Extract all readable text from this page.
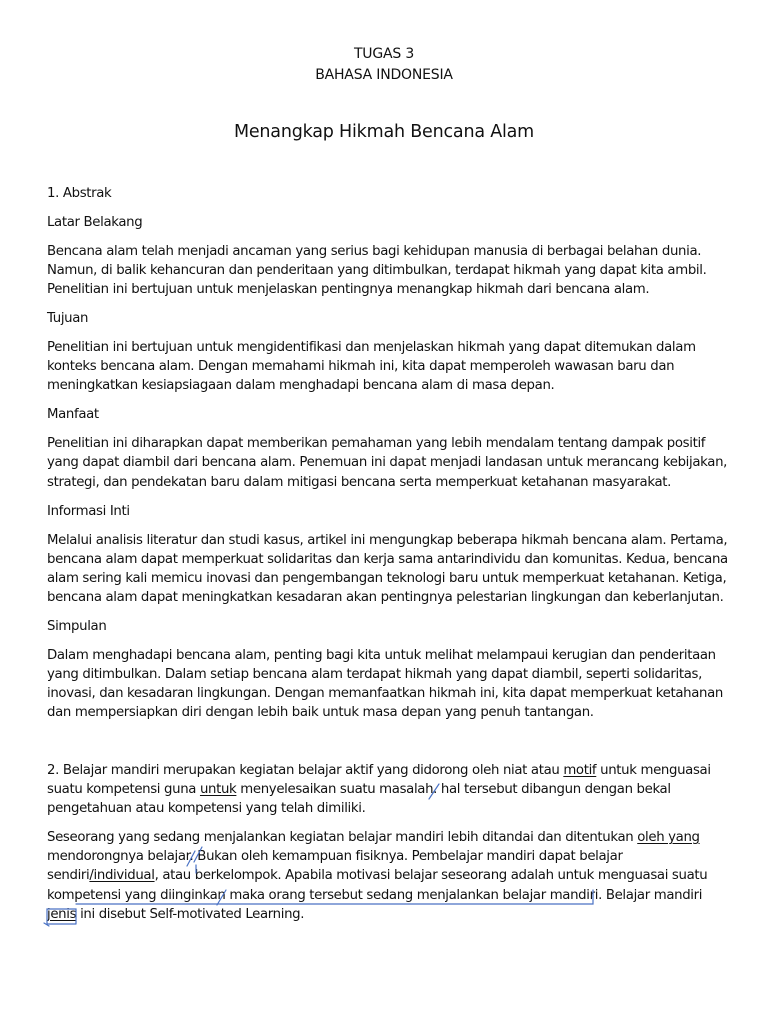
TUGAS 3
BAHASA INDONESIA
Menangkap Hikmah Bencana Alam
1. Abstrak
Latar Belakang
Bencana alam telah menjadi ancaman yang serius bagi kehidupan manusia di berbagai belahan dunia.
Namun, di balik kehancuran dan penderitaan yang ditimbulkan, terdapat hikmah yang dapat kita ambil.
Penelitian ini bertujuan untuk menjelaskan pentingnya menangkap hikmah dari bencana alam.
Tujuan
Penelitian ini bertujuan untuk mengidentifikasi dan menjelaskan hikmah yang dapat ditemukan dalam
konteks bencana alam. Dengan memahami hikmah ini, kita dapat memperoleh wawasan baru dan
meningkatkan kesiapsiagaan dalam menghadapi bencana alam di masa depan.
Manfaat
Penelitian ini diharapkan dapat memberikan pemahaman yang lebih mendalam tentang dampak positif
yang dapat diambil dari bencana alam. Penemuan ini dapat menjadi landasan untuk merancang kebijakan,
strategi, dan pendekatan baru dalam mitigasi bencana serta memperkuat ketahanan masyarakat.
Informasi Inti
Melalui analisis literatur dan studi kasus, artikel ini mengungkap beberapa hikmah bencana alam. Pertama,
bencana alam dapat memperkuat solidaritas dan kerja sama antarindividu dan komunitas. Kedua, bencana
alam sering kali memicu inovasi dan pengembangan teknologi baru untuk memperkuat ketahanan. Ketiga,
bencana alam dapat meningkatkan kesadaran akan pentingnya pelestarian lingkungan dan keberlanjutan.
Simpulan
Dalam menghadapi bencana alam, penting bagi kita untuk melihat melampaui kerugian dan penderitaan
yang ditimbulkan. Dalam setiap bencana alam terdapat hikmah yang dapat diambil, seperti solidaritas,
inovasi, dan kesadaran lingkungan. Dengan memanfaatkan hikmah ini, kita dapat memperkuat ketahanan
dan mempersiapkan diri dengan lebih baik untuk masa depan yang penuh tantangan.
2. Belajar mandiri merupakan kegiatan belajar aktif yang didorong oleh niat atau motif untuk menguasai
suatu kompetensi guna untuk menyelesaikan suatu masalah. hal tersebut dibangun dengan bekal
pengetahuan atau kompetensi yang telah dimiliki.
Seseorang yang sedang menjalankan kegiatan belajar mandiri lebih ditandai dan ditentukan oleh yang
mendorongnya belajar. Bukan oleh kemampuan fisiknya. Pembelajar mandiri dapat belajar
sendiri/individual, atau berkelompok. Apabila motivasi belajar seseorang adalah untuk menguasai suatu
kompetensi yang diinginkan maka orang tersebut sedang menjalankan belajar mandiri. Belajar mandiri
jenis ini disebut Self-motivated Learning.
